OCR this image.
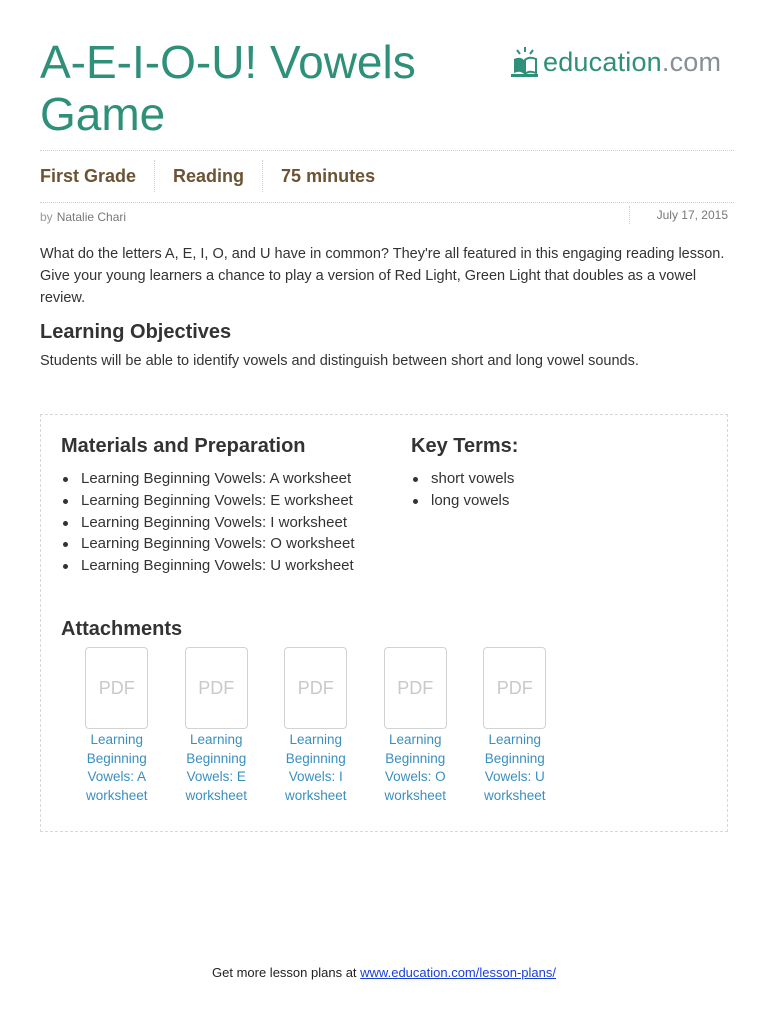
A-E-I-O-U! Vowels Game
education.com
First Grade Reading 75 minutes
by Natalie Chari	July 17, 2015

What do the letters A, E, I, O, and U have in common? They're all featured in this engaging reading lesson. Give your young learners a chance to play a version of Red Light, Green Light that doubles as a vowel review.

Learning Objectives

Students will be able to identify vowels and distinguish between short and long vowel sounds.

Materials and Preparation
Learning Beginning Vowels: A worksheet
Learning Beginning Vowels: E worksheet
Learning Beginning Vowels: I worksheet
Learning Beginning Vowels: O worksheet
Learning Beginning Vowels: U worksheet
Key Terms:
short vowels
long vowels
Attachments
PDF
Learning Beginning Vowels: A worksheet
PDF
Learning Beginning Vowels: E worksheet
PDF
Learning Beginning Vowels: I worksheet
PDF
Learning Beginning Vowels: O worksheet
PDF
Learning Beginning Vowels: U worksheet
Get more lesson plans at www.education.com/lesson-plans/
